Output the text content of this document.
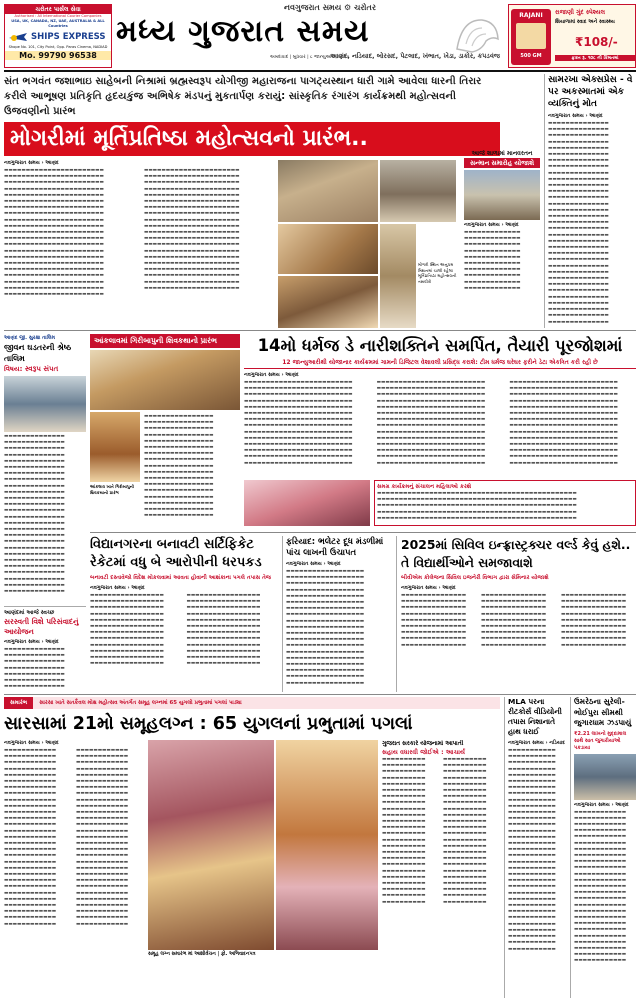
ચરોતર પાર્સલ સેવા
Authorised : All International Courier Companies
USA, UK, CANADA, NZ, UAE, AUSTRALIA & ALL Countries
SHIPS EXPRESS
Shope No. 101, City Point, Opp. Paras Cinema, NADIAD
Mo. 99790 96538
નવગુજરાત સમય ⚙ ચરોતર
મધ્ય ગુજરાત સમય
અમદાવાદ | બુધવાર | ૮ જાન્યુઆરી, ૨૦૨૫
આણંદ, નડિયાદ, બોરસદ, પેટલાદ, ખંભાત, ખેડા, ડાકોર, કપડવંજ
RAJANI
500 GM
રાજાણી ગુંદ સ્પેશ્યલ
શિયાળામાં સ્વાદ અને સ્વાસ્થ્ય
₹108/-
ફક્ત રૂ. ૧૦૮ ની કિંમતમાં
સંત ભગવંત જશાભાઇ સાહેબની નિશ્રામાં બ્રહ્મસ્વરૂપ યોગીજી મહારાજના પાગટ્યસ્થાન ધારી ગામે આવેલા ધારની તિરાર કરીલે આભૂષણ પ્રતિકૃતિ હૃદયકુંજ અભિષેક મંડપનું મુકતાર્પણ કરાયું: સાંસ્કૃતિક રંગારંગ કાર્યક્રમથી મહોત્સવની ઉજવણીનો પ્રારંભ
મોગરીમાં મૂર્તિપ્રતિષ્ઠા મહોત્સવનો પ્રારંભ..
નવગુજરાત સમય › આણંદ
▬▬▬▬▬▬▬▬▬▬▬▬▬▬▬▬▬▬▬▬▬▬▬ ▬▬▬▬▬▬▬▬▬▬▬▬▬▬▬▬▬▬▬▬▬▬▬ ▬▬▬▬▬▬▬▬▬▬▬▬▬▬▬▬▬▬▬▬▬▬▬ ▬▬▬▬▬▬▬▬▬▬▬▬▬▬▬▬▬▬▬▬▬▬▬ ▬▬▬▬▬▬▬▬▬▬▬▬▬▬▬▬▬▬▬▬▬▬▬ ▬▬▬▬▬▬▬▬▬▬▬▬▬▬▬▬▬▬▬▬▬▬▬ ▬▬▬▬▬▬▬▬▬▬▬▬▬▬▬▬▬▬▬▬▬▬▬ ▬▬▬▬▬▬▬▬▬▬▬▬▬▬▬▬▬▬▬▬▬▬▬ ▬▬▬▬▬▬▬▬▬▬▬▬▬▬▬▬▬▬▬▬▬▬▬ ▬▬▬▬▬▬▬▬▬▬▬▬▬▬▬▬▬▬▬▬▬▬▬ ▬▬▬▬▬▬▬▬▬▬▬▬▬▬▬▬▬▬▬▬▬▬▬ ▬▬▬▬▬▬▬▬▬▬▬▬▬▬▬▬▬▬▬▬▬▬▬ ▬▬▬▬▬▬▬▬▬▬▬▬▬▬▬▬▬▬▬▬▬▬▬ ▬▬▬▬▬▬▬▬▬▬▬▬▬▬▬▬▬▬▬▬▬▬▬ ▬▬▬▬▬▬▬▬▬▬▬▬▬▬▬▬▬▬▬▬▬▬▬ ▬▬▬▬▬▬▬▬▬▬▬▬▬▬▬▬▬▬▬▬▬▬▬ ▬▬▬▬▬▬▬▬▬▬▬▬▬▬▬▬▬▬▬▬▬▬▬ ▬▬▬▬▬▬▬▬▬▬▬▬▬▬▬▬▬▬▬▬▬▬▬ ▬▬▬▬▬▬▬▬▬▬▬▬▬▬▬▬▬▬▬▬▬▬▬ ▬▬▬▬▬▬▬▬▬▬▬▬▬▬▬▬▬▬▬▬▬▬▬ ▬▬▬▬▬▬▬▬▬▬▬▬▬▬▬▬▬▬▬▬▬▬▬
▬▬▬▬▬▬▬▬▬▬▬▬▬▬▬▬▬▬▬▬▬▬ ▬▬▬▬▬▬▬▬▬▬▬▬▬▬▬▬▬▬▬▬▬▬ ▬▬▬▬▬▬▬▬▬▬▬▬▬▬▬▬▬▬▬▬▬▬ ▬▬▬▬▬▬▬▬▬▬▬▬▬▬▬▬▬▬▬▬▬▬ ▬▬▬▬▬▬▬▬▬▬▬▬▬▬▬▬▬▬▬▬▬▬ ▬▬▬▬▬▬▬▬▬▬▬▬▬▬▬▬▬▬▬▬▬▬ ▬▬▬▬▬▬▬▬▬▬▬▬▬▬▬▬▬▬▬▬▬▬ ▬▬▬▬▬▬▬▬▬▬▬▬▬▬▬▬▬▬▬▬▬▬ ▬▬▬▬▬▬▬▬▬▬▬▬▬▬▬▬▬▬▬▬▬▬ ▬▬▬▬▬▬▬▬▬▬▬▬▬▬▬▬▬▬▬▬▬▬ ▬▬▬▬▬▬▬▬▬▬▬▬▬▬▬▬▬▬▬▬▬▬ ▬▬▬▬▬▬▬▬▬▬▬▬▬▬▬▬▬▬▬▬▬▬ ▬▬▬▬▬▬▬▬▬▬▬▬▬▬▬▬▬▬▬▬▬▬ ▬▬▬▬▬▬▬▬▬▬▬▬▬▬▬▬▬▬▬▬▬▬ ▬▬▬▬▬▬▬▬▬▬▬▬▬▬▬▬▬▬▬▬▬▬ ▬▬▬▬▬▬▬▬▬▬▬▬▬▬▬▬▬▬▬▬▬▬ ▬▬▬▬▬▬▬▬▬▬▬▬▬▬▬▬▬▬▬▬▬▬ ▬▬▬▬▬▬▬▬▬▬▬▬▬▬▬▬▬▬▬▬▬▬ ▬▬▬▬▬▬▬▬▬▬▬▬▬▬▬▬▬▬▬▬▬▬ ▬▬▬▬▬▬▬▬▬▬▬▬▬▬▬▬▬▬▬▬▬▬
મોગરી સ્થિત અનુપમ મિશનમાં ચાલી રહેલા મૂર્તિપ્રતિષ્ઠા મહોત્સવની તસવીરો
આજે શાળામાં માનવરતન
સન્માન સમારોહ યોજાશે
નવગુજરાત સમય › આણંદ
▬▬▬▬▬▬▬▬▬▬▬▬▬ ▬▬▬▬▬▬▬▬▬▬▬▬▬ ▬▬▬▬▬▬▬▬▬▬▬▬▬ ▬▬▬▬▬▬▬▬▬▬▬▬▬ ▬▬▬▬▬▬▬▬▬▬▬▬▬ ▬▬▬▬▬▬▬▬▬▬▬▬▬ ▬▬▬▬▬▬▬▬▬▬▬▬▬ ▬▬▬▬▬▬▬▬▬▬▬▬▬ ▬▬▬▬▬▬▬▬▬▬▬▬▬ ▬▬▬▬▬▬▬▬▬▬▬▬▬
સામરખા એક્સપ્રેસ - વે પર અકસ્માતમાં એક વ્યક્તિનું મોત
નવગુજરાત સમય › આણંદ
▬▬▬▬▬▬▬▬▬▬▬▬▬▬ ▬▬▬▬▬▬▬▬▬▬▬▬▬▬ ▬▬▬▬▬▬▬▬▬▬▬▬▬▬ ▬▬▬▬▬▬▬▬▬▬▬▬▬▬ ▬▬▬▬▬▬▬▬▬▬▬▬▬▬ ▬▬▬▬▬▬▬▬▬▬▬▬▬▬ ▬▬▬▬▬▬▬▬▬▬▬▬▬▬ ▬▬▬▬▬▬▬▬▬▬▬▬▬▬ ▬▬▬▬▬▬▬▬▬▬▬▬▬▬ ▬▬▬▬▬▬▬▬▬▬▬▬▬▬ ▬▬▬▬▬▬▬▬▬▬▬▬▬▬ ▬▬▬▬▬▬▬▬▬▬▬▬▬▬ ▬▬▬▬▬▬▬▬▬▬▬▬▬▬ ▬▬▬▬▬▬▬▬▬▬▬▬▬▬ ▬▬▬▬▬▬▬▬▬▬▬▬▬▬ ▬▬▬▬▬▬▬▬▬▬▬▬▬▬ ▬▬▬▬▬▬▬▬▬▬▬▬▬▬ ▬▬▬▬▬▬▬▬▬▬▬▬▬▬ ▬▬▬▬▬▬▬▬▬▬▬▬▬▬ ▬▬▬▬▬▬▬▬▬▬▬▬▬▬ ▬▬▬▬▬▬▬▬▬▬▬▬▬▬ ▬▬▬▬▬▬▬▬▬▬▬▬▬▬ ▬▬▬▬▬▬▬▬▬▬▬▬▬▬ ▬▬▬▬▬▬▬▬▬▬▬▬▬▬ ▬▬▬▬▬▬▬▬▬▬▬▬▬▬ ▬▬▬▬▬▬▬▬▬▬▬▬▬▬ ▬▬▬▬▬▬▬▬▬▬▬▬▬▬ ▬▬▬▬▬▬▬▬▬▬▬▬▬▬ ▬▬▬▬▬▬▬▬▬▬▬▬▬▬ ▬▬▬▬▬▬▬▬▬▬▬▬▬▬ ▬▬▬▬▬▬▬▬▬▬▬▬▬▬ ▬▬▬▬▬▬▬▬▬▬▬▬▬▬ ▬▬▬▬▬▬▬▬▬▬▬▬▬▬
આણંદ જી. સુરક્ષા તાલિમ
જીવન ઘડતરની શ્રેષ્ઠ તાલિમ
વિષય: સ્વરૂપ સંપત
▬▬▬▬▬▬▬▬▬▬▬▬▬▬ ▬▬▬▬▬▬▬▬▬▬▬▬▬▬ ▬▬▬▬▬▬▬▬▬▬▬▬▬▬ ▬▬▬▬▬▬▬▬▬▬▬▬▬▬ ▬▬▬▬▬▬▬▬▬▬▬▬▬▬ ▬▬▬▬▬▬▬▬▬▬▬▬▬▬ ▬▬▬▬▬▬▬▬▬▬▬▬▬▬ ▬▬▬▬▬▬▬▬▬▬▬▬▬▬ ▬▬▬▬▬▬▬▬▬▬▬▬▬▬ ▬▬▬▬▬▬▬▬▬▬▬▬▬▬ ▬▬▬▬▬▬▬▬▬▬▬▬▬▬ ▬▬▬▬▬▬▬▬▬▬▬▬▬▬ ▬▬▬▬▬▬▬▬▬▬▬▬▬▬ ▬▬▬▬▬▬▬▬▬▬▬▬▬▬ ▬▬▬▬▬▬▬▬▬▬▬▬▬▬ ▬▬▬▬▬▬▬▬▬▬▬▬▬▬ ▬▬▬▬▬▬▬▬▬▬▬▬▬▬ ▬▬▬▬▬▬▬▬▬▬▬▬▬▬ ▬▬▬▬▬▬▬▬▬▬▬▬▬▬ ▬▬▬▬▬▬▬▬▬▬▬▬▬▬ ▬▬▬▬▬▬▬▬▬▬▬▬▬▬ ▬▬▬▬▬▬▬▬▬▬▬▬▬▬ ▬▬▬▬▬▬▬▬▬▬▬▬▬▬ ▬▬▬▬▬▬▬▬▬▬▬▬▬▬ ▬▬▬▬▬▬▬▬▬▬▬▬▬▬ ▬▬▬▬▬▬▬▬▬▬▬▬▬▬
આંકલાવમાં ગિરીબાપુની શિવકથાનો પ્રારંભ
▬▬▬▬▬▬▬▬▬▬▬▬▬▬▬▬ ▬▬▬▬▬▬▬▬▬▬▬▬▬▬▬▬ ▬▬▬▬▬▬▬▬▬▬▬▬▬▬▬▬ ▬▬▬▬▬▬▬▬▬▬▬▬▬▬▬▬ ▬▬▬▬▬▬▬▬▬▬▬▬▬▬▬▬ ▬▬▬▬▬▬▬▬▬▬▬▬▬▬▬▬ ▬▬▬▬▬▬▬▬▬▬▬▬▬▬▬▬ ▬▬▬▬▬▬▬▬▬▬▬▬▬▬▬▬ ▬▬▬▬▬▬▬▬▬▬▬▬▬▬▬▬ ▬▬▬▬▬▬▬▬▬▬▬▬▬▬▬▬ ▬▬▬▬▬▬▬▬▬▬▬▬▬▬▬▬ ▬▬▬▬▬▬▬▬▬▬▬▬▬▬▬▬ ▬▬▬▬▬▬▬▬▬▬▬▬▬▬▬▬ ▬▬▬▬▬▬▬▬▬▬▬▬▬▬▬▬ ▬▬▬▬▬▬▬▬▬▬▬▬▬▬▬▬ ▬▬▬▬▬▬▬▬▬▬▬▬▬▬▬▬ ▬▬▬▬▬▬▬▬▬▬▬▬▬▬▬▬
આંકલાવ ખાતે ગિરીબાપુની શિવકથાનો પ્રારંભ
14મો ધર્મજ ડે નારીશક્તિને સમર્પિત, તૈયારી પૂરજોશમાં
12 જાન્યુઆરીથી યોજાનાર કાર્યક્રમમાં ગામની ડિજિટલ વેશાવલી પ્રસિદ્ધ કરાશે: ટીમ ધર્મજ ઘરેઘર ફરીને ડેટા એકત્રિત કરી રહી છે
નવગુજરાત સમય › આણંદ
▬▬▬▬▬▬▬▬▬▬▬▬▬▬▬▬▬▬▬▬▬▬▬▬▬ ▬▬▬▬▬▬▬▬▬▬▬▬▬▬▬▬▬▬▬▬▬▬▬▬▬ ▬▬▬▬▬▬▬▬▬▬▬▬▬▬▬▬▬▬▬▬▬▬▬▬▬ ▬▬▬▬▬▬▬▬▬▬▬▬▬▬▬▬▬▬▬▬▬▬▬▬▬ ▬▬▬▬▬▬▬▬▬▬▬▬▬▬▬▬▬▬▬▬▬▬▬▬▬ ▬▬▬▬▬▬▬▬▬▬▬▬▬▬▬▬▬▬▬▬▬▬▬▬▬ ▬▬▬▬▬▬▬▬▬▬▬▬▬▬▬▬▬▬▬▬▬▬▬▬▬ ▬▬▬▬▬▬▬▬▬▬▬▬▬▬▬▬▬▬▬▬▬▬▬▬▬ ▬▬▬▬▬▬▬▬▬▬▬▬▬▬▬▬▬▬▬▬▬▬▬▬▬ ▬▬▬▬▬▬▬▬▬▬▬▬▬▬▬▬▬▬▬▬▬▬▬▬▬ ▬▬▬▬▬▬▬▬▬▬▬▬▬▬▬▬▬▬▬▬▬▬▬▬▬ ▬▬▬▬▬▬▬▬▬▬▬▬▬▬▬▬▬▬▬▬▬▬▬▬▬ ▬▬▬▬▬▬▬▬▬▬▬▬▬▬▬▬▬▬▬▬▬▬▬▬▬ ▬▬▬▬▬▬▬▬▬▬▬▬▬▬▬▬▬▬▬▬▬▬▬▬▬ ▬▬▬▬▬▬▬▬▬▬▬▬▬▬▬▬▬▬▬▬▬▬▬▬▬ ▬▬▬▬▬▬▬▬▬▬▬▬▬▬▬▬▬▬▬▬▬▬▬▬▬ ▬▬▬▬▬▬▬▬▬▬▬▬▬▬▬▬▬▬▬▬▬▬▬▬▬ ▬▬▬▬▬▬▬▬▬▬▬▬▬▬▬▬▬▬▬▬▬▬▬▬▬ ▬▬▬▬▬▬▬▬▬▬▬▬▬▬▬▬▬▬▬▬▬▬▬▬▬ ▬▬▬▬▬▬▬▬▬▬▬▬▬▬▬▬▬▬▬▬▬▬▬▬▬ ▬▬▬▬▬▬▬▬▬▬▬▬▬▬▬▬▬▬▬▬▬▬▬▬▬ ▬▬▬▬▬▬▬▬▬▬▬▬▬▬▬▬▬▬▬▬▬▬▬▬▬ ▬▬▬▬▬▬▬▬▬▬▬▬▬▬▬▬▬▬▬▬▬▬▬▬▬ ▬▬▬▬▬▬▬▬▬▬▬▬▬▬▬▬▬▬▬▬▬▬▬▬▬ ▬▬▬▬▬▬▬▬▬▬▬▬▬▬▬▬▬▬▬▬▬▬▬▬▬ ▬▬▬▬▬▬▬▬▬▬▬▬▬▬▬▬▬▬▬▬▬▬▬▬▬ ▬▬▬▬▬▬▬▬▬▬▬▬▬▬▬▬▬▬▬▬▬▬▬▬▬ ▬▬▬▬▬▬▬▬▬▬▬▬▬▬▬▬▬▬▬▬▬▬▬▬▬ ▬▬▬▬▬▬▬▬▬▬▬▬▬▬▬▬▬▬▬▬▬▬▬▬▬ ▬▬▬▬▬▬▬▬▬▬▬▬▬▬▬▬▬▬▬▬▬▬▬▬▬ ▬▬▬▬▬▬▬▬▬▬▬▬▬▬▬▬▬▬▬▬▬▬▬▬▬ ▬▬▬▬▬▬▬▬▬▬▬▬▬▬▬▬▬▬▬▬▬▬▬▬▬ ▬▬▬▬▬▬▬▬▬▬▬▬▬▬▬▬▬▬▬▬▬▬▬▬▬ ▬▬▬▬▬▬▬▬▬▬▬▬▬▬▬▬▬▬▬▬▬▬▬▬▬ ▬▬▬▬▬▬▬▬▬▬▬▬▬▬▬▬▬▬▬▬▬▬▬▬▬ ▬▬▬▬▬▬▬▬▬▬▬▬▬▬▬▬▬▬▬▬▬▬▬▬▬ ▬▬▬▬▬▬▬▬▬▬▬▬▬▬▬▬▬▬▬▬▬▬▬▬▬ ▬▬▬▬▬▬▬▬▬▬▬▬▬▬▬▬▬▬▬▬▬▬▬▬▬ ▬▬▬▬▬▬▬▬▬▬▬▬▬▬▬▬▬▬▬▬▬▬▬▬▬ ▬▬▬▬▬▬▬▬▬▬▬▬▬▬▬▬▬▬▬▬▬▬▬▬▬ ▬▬▬▬▬▬▬▬▬▬▬▬▬▬▬▬▬▬▬▬▬▬▬▬▬ ▬▬▬▬▬▬▬▬▬▬▬▬▬▬▬▬▬▬▬▬▬▬▬▬▬
સમગ્ર કાર્યક્રમનું સંચાલન મહિલાઓ કરશે
▬▬▬▬▬▬▬▬▬▬▬▬▬▬▬▬▬▬▬▬▬▬▬▬▬▬▬▬▬▬▬▬▬▬▬▬▬▬▬▬▬▬▬▬▬▬ ▬▬▬▬▬▬▬▬▬▬▬▬▬▬▬▬▬▬▬▬▬▬▬▬▬▬▬▬▬▬▬▬▬▬▬▬▬▬▬▬▬▬▬▬▬▬ ▬▬▬▬▬▬▬▬▬▬▬▬▬▬▬▬▬▬▬▬▬▬▬▬▬▬▬▬▬▬▬▬▬▬▬▬▬▬▬▬▬▬▬▬▬▬ ▬▬▬▬▬▬▬▬▬▬▬▬▬▬▬▬▬▬▬▬▬▬▬▬▬▬▬▬▬▬▬▬▬▬▬▬▬▬▬▬▬▬▬▬▬▬ ▬▬▬▬▬▬▬▬▬▬▬▬▬▬▬▬▬▬▬▬▬▬▬▬▬▬▬▬▬▬▬▬▬▬▬▬▬▬▬▬▬▬▬▬▬▬
વિદ્યાનગરના બનાવટી સર્ટિફિકેટ રેકેટમાં વધુ બે આરોપીની ધરપકડ
બનાવટી દસ્તાવેજો વિદેશ મોકલવામાં આવતા હોવાની આશંકાના પગલે તપાસ તેજ
નવગુજરાત સમય › આણંદ
▬▬▬▬▬▬▬▬▬▬▬▬▬▬▬▬▬ ▬▬▬▬▬▬▬▬▬▬▬▬▬▬▬▬▬ ▬▬▬▬▬▬▬▬▬▬▬▬▬▬▬▬▬ ▬▬▬▬▬▬▬▬▬▬▬▬▬▬▬▬▬ ▬▬▬▬▬▬▬▬▬▬▬▬▬▬▬▬▬ ▬▬▬▬▬▬▬▬▬▬▬▬▬▬▬▬▬ ▬▬▬▬▬▬▬▬▬▬▬▬▬▬▬▬▬ ▬▬▬▬▬▬▬▬▬▬▬▬▬▬▬▬▬ ▬▬▬▬▬▬▬▬▬▬▬▬▬▬▬▬▬ ▬▬▬▬▬▬▬▬▬▬▬▬▬▬▬▬▬ ▬▬▬▬▬▬▬▬▬▬▬▬▬▬▬▬▬ ▬▬▬▬▬▬▬▬▬▬▬▬▬▬▬▬▬ ▬▬▬▬▬▬▬▬▬▬▬▬▬▬▬▬▬ ▬▬▬▬▬▬▬▬▬▬▬▬▬▬▬▬▬ ▬▬▬▬▬▬▬▬▬▬▬▬▬▬▬▬▬ ▬▬▬▬▬▬▬▬▬▬▬▬▬▬▬▬▬ ▬▬▬▬▬▬▬▬▬▬▬▬▬▬▬▬▬ ▬▬▬▬▬▬▬▬▬▬▬▬▬▬▬▬▬ ▬▬▬▬▬▬▬▬▬▬▬▬▬▬▬▬▬ ▬▬▬▬▬▬▬▬▬▬▬▬▬▬▬▬▬ ▬▬▬▬▬▬▬▬▬▬▬▬▬▬▬▬▬ ▬▬▬▬▬▬▬▬▬▬▬▬▬▬▬▬▬ ▬▬▬▬▬▬▬▬▬▬▬▬▬▬▬▬▬ ▬▬▬▬▬▬▬▬▬▬▬▬▬▬▬▬▬
ફરિયાદ: ભલેટર દૂધ મંડળીમાં પાંચ લાખની ઉચાપત
નવગુજરાત સમય › આણંદ
▬▬▬▬▬▬▬▬▬▬▬▬▬▬▬▬▬▬ ▬▬▬▬▬▬▬▬▬▬▬▬▬▬▬▬▬▬ ▬▬▬▬▬▬▬▬▬▬▬▬▬▬▬▬▬▬ ▬▬▬▬▬▬▬▬▬▬▬▬▬▬▬▬▬▬ ▬▬▬▬▬▬▬▬▬▬▬▬▬▬▬▬▬▬ ▬▬▬▬▬▬▬▬▬▬▬▬▬▬▬▬▬▬ ▬▬▬▬▬▬▬▬▬▬▬▬▬▬▬▬▬▬ ▬▬▬▬▬▬▬▬▬▬▬▬▬▬▬▬▬▬ ▬▬▬▬▬▬▬▬▬▬▬▬▬▬▬▬▬▬ ▬▬▬▬▬▬▬▬▬▬▬▬▬▬▬▬▬▬ ▬▬▬▬▬▬▬▬▬▬▬▬▬▬▬▬▬▬ ▬▬▬▬▬▬▬▬▬▬▬▬▬▬▬▬▬▬ ▬▬▬▬▬▬▬▬▬▬▬▬▬▬▬▬▬▬ ▬▬▬▬▬▬▬▬▬▬▬▬▬▬▬▬▬▬ ▬▬▬▬▬▬▬▬▬▬▬▬▬▬▬▬▬▬ ▬▬▬▬▬▬▬▬▬▬▬▬▬▬▬▬▬▬ ▬▬▬▬▬▬▬▬▬▬▬▬▬▬▬▬▬▬ ▬▬▬▬▬▬▬▬▬▬▬▬▬▬▬▬▬▬ ▬▬▬▬▬▬▬▬▬▬▬▬▬▬▬▬▬▬
2025માં સિવિલ ઇન્ફ્રાસ્ટ્રક્ચર વર્લ્ડ કેવું હશે.. તે વિદ્યાર્થીઓને સમજાવાશે
બીવીએમ કોલેજના સિવિલ ઇજનેરી વિભાગ દ્વારા સેમિનાર યોજાશે
નવગુજરાત સમય › આણંદ
▬▬▬▬▬▬▬▬▬▬▬▬▬▬▬ ▬▬▬▬▬▬▬▬▬▬▬▬▬▬▬ ▬▬▬▬▬▬▬▬▬▬▬▬▬▬▬ ▬▬▬▬▬▬▬▬▬▬▬▬▬▬▬ ▬▬▬▬▬▬▬▬▬▬▬▬▬▬▬ ▬▬▬▬▬▬▬▬▬▬▬▬▬▬▬ ▬▬▬▬▬▬▬▬▬▬▬▬▬▬▬ ▬▬▬▬▬▬▬▬▬▬▬▬▬▬▬ ▬▬▬▬▬▬▬▬▬▬▬▬▬▬▬ ▬▬▬▬▬▬▬▬▬▬▬▬▬▬▬ ▬▬▬▬▬▬▬▬▬▬▬▬▬▬▬ ▬▬▬▬▬▬▬▬▬▬▬▬▬▬▬ ▬▬▬▬▬▬▬▬▬▬▬▬▬▬▬ ▬▬▬▬▬▬▬▬▬▬▬▬▬▬▬ ▬▬▬▬▬▬▬▬▬▬▬▬▬▬▬ ▬▬▬▬▬▬▬▬▬▬▬▬▬▬▬ ▬▬▬▬▬▬▬▬▬▬▬▬▬▬▬ ▬▬▬▬▬▬▬▬▬▬▬▬▬▬▬ ▬▬▬▬▬▬▬▬▬▬▬▬▬▬▬ ▬▬▬▬▬▬▬▬▬▬▬▬▬▬▬ ▬▬▬▬▬▬▬▬▬▬▬▬▬▬▬ ▬▬▬▬▬▬▬▬▬▬▬▬▬▬▬ ▬▬▬▬▬▬▬▬▬▬▬▬▬▬▬ ▬▬▬▬▬▬▬▬▬▬▬▬▬▬▬ ▬▬▬▬▬▬▬▬▬▬▬▬▬▬▬ ▬▬▬▬▬▬▬▬▬▬▬▬▬▬▬ ▬▬▬▬▬▬▬▬▬▬▬▬▬▬▬
આણંદમાં આજે સ્વચ્છ
સરસ્વતી વિશે પરિસંવાદનું આયોજન
નવગુજરાત સમય › આણંદ
▬▬▬▬▬▬▬▬▬▬▬▬▬▬ ▬▬▬▬▬▬▬▬▬▬▬▬▬▬ ▬▬▬▬▬▬▬▬▬▬▬▬▬▬ ▬▬▬▬▬▬▬▬▬▬▬▬▬▬ ▬▬▬▬▬▬▬▬▬▬▬▬▬▬ ▬▬▬▬▬▬▬▬▬▬▬▬▬▬ ▬▬▬▬▬▬▬▬▬▬▬▬▬▬
સમારંભ	સારસા ખાતે સતકૈવલ મોક્ષ મહોત્સવ અંતર્ગત સમૂહ લગ્નમાં 65 યુગલો પ્રભુતામાં પગલાં પાડ્યા
સારસામાં 21મો સમૂહલગ્ન : 65 યુગલનાં પ્રભુતામાં પગલાં
નવગુજરાત સમય › આણંદ
▬▬▬▬▬▬▬▬▬▬▬▬ ▬▬▬▬▬▬▬▬▬▬▬▬ ▬▬▬▬▬▬▬▬▬▬▬▬ ▬▬▬▬▬▬▬▬▬▬▬▬ ▬▬▬▬▬▬▬▬▬▬▬▬ ▬▬▬▬▬▬▬▬▬▬▬▬ ▬▬▬▬▬▬▬▬▬▬▬▬ ▬▬▬▬▬▬▬▬▬▬▬▬ ▬▬▬▬▬▬▬▬▬▬▬▬ ▬▬▬▬▬▬▬▬▬▬▬▬ ▬▬▬▬▬▬▬▬▬▬▬▬ ▬▬▬▬▬▬▬▬▬▬▬▬ ▬▬▬▬▬▬▬▬▬▬▬▬ ▬▬▬▬▬▬▬▬▬▬▬▬ ▬▬▬▬▬▬▬▬▬▬▬▬ ▬▬▬▬▬▬▬▬▬▬▬▬ ▬▬▬▬▬▬▬▬▬▬▬▬ ▬▬▬▬▬▬▬▬▬▬▬▬ ▬▬▬▬▬▬▬▬▬▬▬▬ ▬▬▬▬▬▬▬▬▬▬▬▬ ▬▬▬▬▬▬▬▬▬▬▬▬ ▬▬▬▬▬▬▬▬▬▬▬▬ ▬▬▬▬▬▬▬▬▬▬▬▬ ▬▬▬▬▬▬▬▬▬▬▬▬ ▬▬▬▬▬▬▬▬▬▬▬▬ ▬▬▬▬▬▬▬▬▬▬▬▬ ▬▬▬▬▬▬▬▬▬▬▬▬ ▬▬▬▬▬▬▬▬▬▬▬▬ ▬▬▬▬▬▬▬▬▬▬▬▬ ▬▬▬▬▬▬▬▬▬▬▬▬ ▬▬▬▬▬▬▬▬▬▬▬▬ ▬▬▬▬▬▬▬▬▬▬▬▬ ▬▬▬▬▬▬▬▬▬▬▬▬ ▬▬▬▬▬▬▬▬▬▬▬▬ ▬▬▬▬▬▬▬▬▬▬▬▬ ▬▬▬▬▬▬▬▬▬▬▬▬ ▬▬▬▬▬▬▬▬▬▬▬▬ ▬▬▬▬▬▬▬▬▬▬▬▬ ▬▬▬▬▬▬▬▬▬▬▬▬ ▬▬▬▬▬▬▬▬▬▬▬▬ ▬▬▬▬▬▬▬▬▬▬▬▬ ▬▬▬▬▬▬▬▬▬▬▬▬ ▬▬▬▬▬▬▬▬▬▬▬▬ ▬▬▬▬▬▬▬▬▬▬▬▬ ▬▬▬▬▬▬▬▬▬▬▬▬ ▬▬▬▬▬▬▬▬▬▬▬▬ ▬▬▬▬▬▬▬▬▬▬▬▬ ▬▬▬▬▬▬▬▬▬▬▬▬ ▬▬▬▬▬▬▬▬▬▬▬▬ ▬▬▬▬▬▬▬▬▬▬▬▬ ▬▬▬▬▬▬▬▬▬▬▬▬ ▬▬▬▬▬▬▬▬▬▬▬▬ ▬▬▬▬▬▬▬▬▬▬▬▬ ▬▬▬▬▬▬▬▬▬▬▬▬ ▬▬▬▬▬▬▬▬▬▬▬▬ ▬▬▬▬▬▬▬▬▬▬▬▬ ▬▬▬▬▬▬▬▬▬▬▬▬ ▬▬▬▬▬▬▬▬▬▬▬▬
સમૂહ લગ્ન સમારંભ માં આશીર્વચન | ફો. અભિવાદનપત્ર
ગુજરાત સરકારે યોજનામાં આપાતી
સહાય વધારવી જોઈએ : આચાર્ય
▬▬▬▬▬▬▬▬▬▬ ▬▬▬▬▬▬▬▬▬▬ ▬▬▬▬▬▬▬▬▬▬ ▬▬▬▬▬▬▬▬▬▬ ▬▬▬▬▬▬▬▬▬▬ ▬▬▬▬▬▬▬▬▬▬ ▬▬▬▬▬▬▬▬▬▬ ▬▬▬▬▬▬▬▬▬▬ ▬▬▬▬▬▬▬▬▬▬ ▬▬▬▬▬▬▬▬▬▬ ▬▬▬▬▬▬▬▬▬▬ ▬▬▬▬▬▬▬▬▬▬ ▬▬▬▬▬▬▬▬▬▬ ▬▬▬▬▬▬▬▬▬▬ ▬▬▬▬▬▬▬▬▬▬ ▬▬▬▬▬▬▬▬▬▬ ▬▬▬▬▬▬▬▬▬▬ ▬▬▬▬▬▬▬▬▬▬ ▬▬▬▬▬▬▬▬▬▬ ▬▬▬▬▬▬▬▬▬▬ ▬▬▬▬▬▬▬▬▬▬ ▬▬▬▬▬▬▬▬▬▬ ▬▬▬▬▬▬▬▬▬▬ ▬▬▬▬▬▬▬▬▬▬ ▬▬▬▬▬▬▬▬▬▬ ▬▬▬▬▬▬▬▬▬▬ ▬▬▬▬▬▬▬▬▬▬ ▬▬▬▬▬▬▬▬▬▬ ▬▬▬▬▬▬▬▬▬▬ ▬▬▬▬▬▬▬▬▬▬ ▬▬▬▬▬▬▬▬▬▬ ▬▬▬▬▬▬▬▬▬▬ ▬▬▬▬▬▬▬▬▬▬ ▬▬▬▬▬▬▬▬▬▬ ▬▬▬▬▬▬▬▬▬▬ ▬▬▬▬▬▬▬▬▬▬ ▬▬▬▬▬▬▬▬▬▬ ▬▬▬▬▬▬▬▬▬▬ ▬▬▬▬▬▬▬▬▬▬ ▬▬▬▬▬▬▬▬▬▬ ▬▬▬▬▬▬▬▬▬▬ ▬▬▬▬▬▬▬▬▬▬ ▬▬▬▬▬▬▬▬▬▬ ▬▬▬▬▬▬▬▬▬▬ ▬▬▬▬▬▬▬▬▬▬ ▬▬▬▬▬▬▬▬▬▬ ▬▬▬▬▬▬▬▬▬▬ ▬▬▬▬▬▬▬▬▬▬
MLA પરના રીટકોર્સ વીડિયોની તપાસ નિશાનાતે હાથ ધરાઈ
નવગુજરાત સમય › નડિયાદ
▬▬▬▬▬▬▬▬▬▬▬ ▬▬▬▬▬▬▬▬▬▬▬ ▬▬▬▬▬▬▬▬▬▬▬ ▬▬▬▬▬▬▬▬▬▬▬ ▬▬▬▬▬▬▬▬▬▬▬ ▬▬▬▬▬▬▬▬▬▬▬ ▬▬▬▬▬▬▬▬▬▬▬ ▬▬▬▬▬▬▬▬▬▬▬ ▬▬▬▬▬▬▬▬▬▬▬ ▬▬▬▬▬▬▬▬▬▬▬ ▬▬▬▬▬▬▬▬▬▬▬ ▬▬▬▬▬▬▬▬▬▬▬ ▬▬▬▬▬▬▬▬▬▬▬ ▬▬▬▬▬▬▬▬▬▬▬ ▬▬▬▬▬▬▬▬▬▬▬ ▬▬▬▬▬▬▬▬▬▬▬ ▬▬▬▬▬▬▬▬▬▬▬ ▬▬▬▬▬▬▬▬▬▬▬ ▬▬▬▬▬▬▬▬▬▬▬ ▬▬▬▬▬▬▬▬▬▬▬ ▬▬▬▬▬▬▬▬▬▬▬ ▬▬▬▬▬▬▬▬▬▬▬ ▬▬▬▬▬▬▬▬▬▬▬ ▬▬▬▬▬▬▬▬▬▬▬ ▬▬▬▬▬▬▬▬▬▬▬ ▬▬▬▬▬▬▬▬▬▬▬ ▬▬▬▬▬▬▬▬▬▬▬ ▬▬▬▬▬▬▬▬▬▬▬ ▬▬▬▬▬▬▬▬▬▬▬ ▬▬▬▬▬▬▬▬▬▬▬ ▬▬▬▬▬▬▬▬▬▬▬ ▬▬▬▬▬▬▬▬▬▬▬ ▬▬▬▬▬▬▬▬▬▬▬
ઉમરેઠના સુરેલી-ભોઈપુરા સીમથી જુગારધામ ઝડપાયું
₹2.21 લાખનો મુદ્દામાલ સાથે સાત જુગારીયાઓ પકડાયા
નવગુજરાત સમય › આણંદ
▬▬▬▬▬▬▬▬▬▬▬▬ ▬▬▬▬▬▬▬▬▬▬▬▬ ▬▬▬▬▬▬▬▬▬▬▬▬ ▬▬▬▬▬▬▬▬▬▬▬▬ ▬▬▬▬▬▬▬▬▬▬▬▬ ▬▬▬▬▬▬▬▬▬▬▬▬ ▬▬▬▬▬▬▬▬▬▬▬▬ ▬▬▬▬▬▬▬▬▬▬▬▬ ▬▬▬▬▬▬▬▬▬▬▬▬ ▬▬▬▬▬▬▬▬▬▬▬▬ ▬▬▬▬▬▬▬▬▬▬▬▬ ▬▬▬▬▬▬▬▬▬▬▬▬ ▬▬▬▬▬▬▬▬▬▬▬▬ ▬▬▬▬▬▬▬▬▬▬▬▬ ▬▬▬▬▬▬▬▬▬▬▬▬ ▬▬▬▬▬▬▬▬▬▬▬▬ ▬▬▬▬▬▬▬▬▬▬▬▬ ▬▬▬▬▬▬▬▬▬▬▬▬ ▬▬▬▬▬▬▬▬▬▬▬▬ ▬▬▬▬▬▬▬▬▬▬▬▬ ▬▬▬▬▬▬▬▬▬▬▬▬ ▬▬▬▬▬▬▬▬▬▬▬▬ ▬▬▬▬▬▬▬▬▬▬▬▬ ▬▬▬▬▬▬▬▬▬▬▬▬ ▬▬▬▬▬▬▬▬▬▬▬▬
